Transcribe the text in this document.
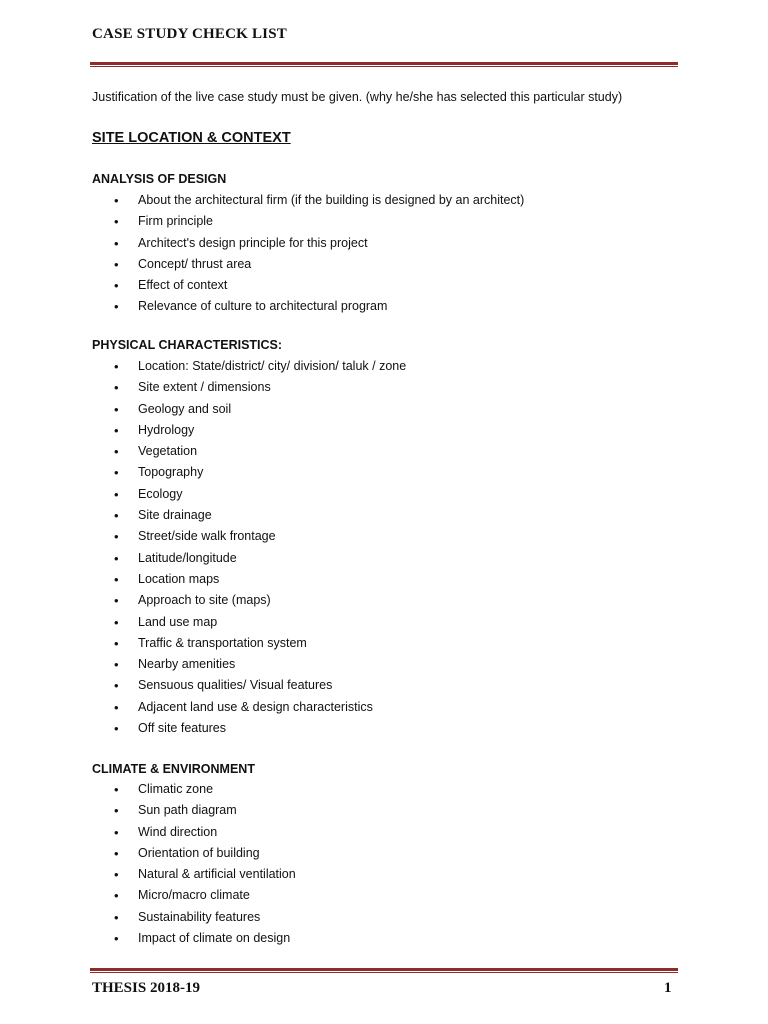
CASE STUDY CHECK LIST
Justification of the live case study must be given. (why he/she has selected this particular study)
SITE LOCATION & CONTEXT
ANALYSIS OF DESIGN
• About the architectural firm (if the building is designed by an architect)
• Firm principle
• Architect's design principle for this project
• Concept/ thrust area
• Effect of context
• Relevance of culture to architectural program
PHYSICAL CHARACTERISTICS:
• Location: State/district/ city/ division/ taluk / zone
• Site extent / dimensions
• Geology and soil
• Hydrology
• Vegetation
• Topography
• Ecology
• Site drainage
• Street/side walk frontage
• Latitude/longitude
• Location maps
• Approach to site (maps)
• Land use map
• Traffic & transportation system
• Nearby amenities
• Sensuous qualities/ Visual features
• Adjacent land use & design characteristics
• Off site features
CLIMATE & ENVIRONMENT
• Climatic zone
• Sun path diagram
• Wind direction
• Orientation of building
• Natural & artificial ventilation
• Micro/macro climate
• Sustainability features
• Impact of climate on design
THESIS 2018-19	1
